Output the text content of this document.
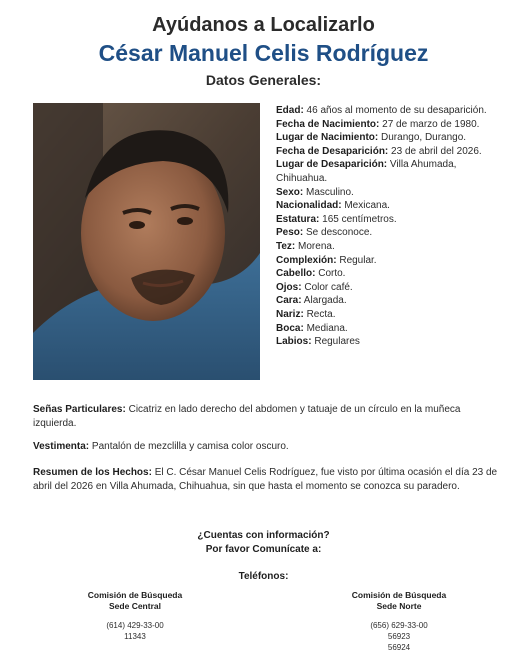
Ayúdanos a Localizarlo
César Manuel Celis Rodríguez
Datos Generales:

Edad: 46 años al momento de su desaparición.

Fecha de Nacimiento: 27 de marzo de 1980.

Lugar de Nacimiento: Durango, Durango.

Fecha de Desaparición: 23 de abril del 2026.

Lugar de Desaparición: Villa Ahumada, Chihuahua.

Sexo: Masculino.

Nacionalidad: Mexicana.

Estatura: 165 centímetros.

Peso: Se desconoce.

Tez: Morena.

Complexión: Regular.

Cabello: Corto.

Ojos: Color café.

Cara: Alargada.

Nariz: Recta.

Boca: Mediana.

Labios: Regulares

Señas Particulares: Cicatriz en lado derecho del abdomen y tatuaje de un círculo en la muñeca izquierda.
Vestimenta: Pantalón de mezclilla y camisa color oscuro.
Resumen de los Hechos: El C. César Manuel Celis Rodríguez, fue visto por última ocasión el día 23 de abril del 2026 en Villa Ahumada, Chihuahua, sin que hasta el momento se conozca su paradero.
¿Cuentas con información?
Por favor Comunícate a:
Teléfonos:
Comisión de Búsqueda
Sede Central
(614) 429-33-00
11343
Comisión de Búsqueda
Sede Norte
(656) 629-33-00
56923
56924
